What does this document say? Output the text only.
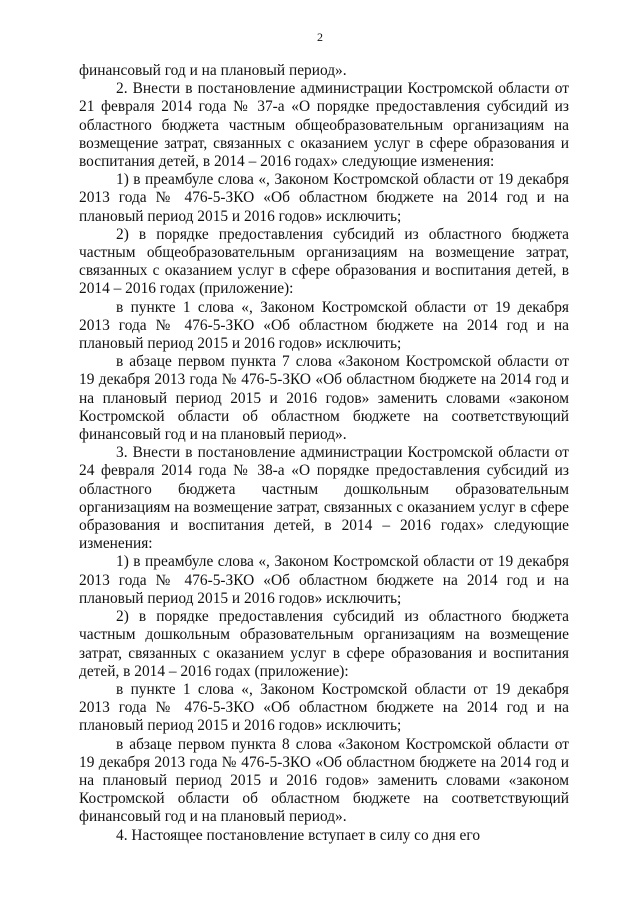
2

финансовый год и на плановый период».

2. Внести в постановление администрации Костромской области от 21 февраля 2014 года № 37-а «О порядке предоставления субсидий из областного бюджета частным общеобразовательным организациям на возмещение затрат, связанных с оказанием услуг в сфере образования и воспитания детей, в 2014 – 2016 годах» следующие изменения:

1) в преамбуле слова «, Законом Костромской области от 19 декабря 2013 года № 476-5-ЗКО «Об областном бюджете на 2014 год и на плановый период 2015 и 2016 годов» исключить;

2) в порядке предоставления субсидий из областного бюджета частным общеобразовательным организациям на возмещение затрат, связанных с оказанием услуг в сфере образования и воспитания детей, в 2014 – 2016 годах (приложение):

в пункте 1 слова «, Законом Костромской области от 19 декабря 2013 года № 476-5-ЗКО «Об областном бюджете на 2014 год и на плановый период 2015 и 2016 годов» исключить;

в абзаце первом пункта 7 слова «Законом Костромской области от 19 декабря 2013 года № 476-5-ЗКО «Об областном бюджете на 2014 год и на плановый период 2015 и 2016 годов» заменить словами «законом Костромской области об областном бюджете на соответствующий финансовый год и на плановый период».

3. Внести в постановление администрации Костромской области от 24 февраля 2014 года № 38-а «О порядке предоставления субсидий из областного бюджета частным дошкольным образовательным организациям на возмещение затрат, связанных с оказанием услуг в сфере образования и воспитания детей, в 2014 – 2016 годах» следующие изменения:

1) в преамбуле слова «, Законом Костромской области от 19 декабря 2013 года № 476-5-ЗКО «Об областном бюджете на 2014 год и на плановый период 2015 и 2016 годов» исключить;

2) в порядке предоставления субсидий из областного бюджета частным дошкольным образовательным организациям на возмещение затрат, связанных с оказанием услуг в сфере образования и воспитания детей, в 2014 – 2016 годах (приложение):

в пункте 1 слова «, Законом Костромской области от 19 декабря 2013 года № 476-5-ЗКО «Об областном бюджете на 2014 год и на плановый период 2015 и 2016 годов» исключить;

в абзаце первом пункта 8 слова «Законом Костромской области от 19 декабря 2013 года № 476-5-ЗКО «Об областном бюджете на 2014 год и на плановый период 2015 и 2016 годов» заменить словами «законом Костромской области об областном бюджете на соответствующий финансовый год и на плановый период».

4. Настоящее постановление вступает в силу со дня его
